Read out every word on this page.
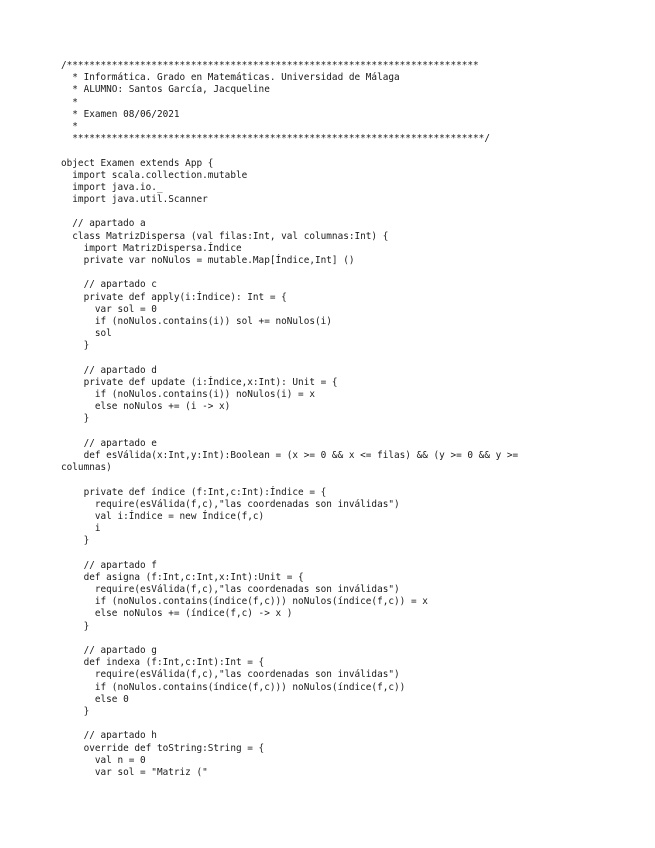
/*************************************************************************
* Informática. Grado en Matemáticas. Universidad de Málaga
* ALUMNO: Santos García, Jacqueline
*
* Examen 08/06/2021
*
*************************************************************************/
object Examen extends App {
import scala.collection.mutable
import java.io._
import java.util.Scanner
// apartado a
class MatrizDispersa (val filas:Int, val columnas:Int) {
import MatrizDispersa.Índice
private var noNulos = mutable.Map[Índice,Int] ()
// apartado c
private def apply(i:Índice): Int = {
var sol = 0
if (noNulos.contains(i)) sol += noNulos(i)
sol
}
// apartado d
private def update (i:Índice,x:Int): Unit = {
if (noNulos.contains(i)) noNulos(i) = x
else noNulos += (i -> x)
}
// apartado e
def esVálida(x:Int,y:Int):Boolean = (x >= 0 && x <= filas) && (y >= 0 && y >=
columnas)
private def índice (f:Int,c:Int):Índice = {
require(esVálida(f,c),"las coordenadas son inválidas")
val i:Índice = new Índice(f,c)
i
}
// apartado f
def asigna (f:Int,c:Int,x:Int):Unit = {
require(esVálida(f,c),"las coordenadas son inválidas")
if (noNulos.contains(índice(f,c))) noNulos(índice(f,c)) = x
else noNulos += (índice(f,c) -> x )
}
// apartado g
def indexa (f:Int,c:Int):Int = {
require(esVálida(f,c),"las coordenadas son inválidas")
if (noNulos.contains(índice(f,c))) noNulos(índice(f,c))
else 0
}
// apartado h
override def toString:String = {
val n = 0
var sol = "Matriz ("
